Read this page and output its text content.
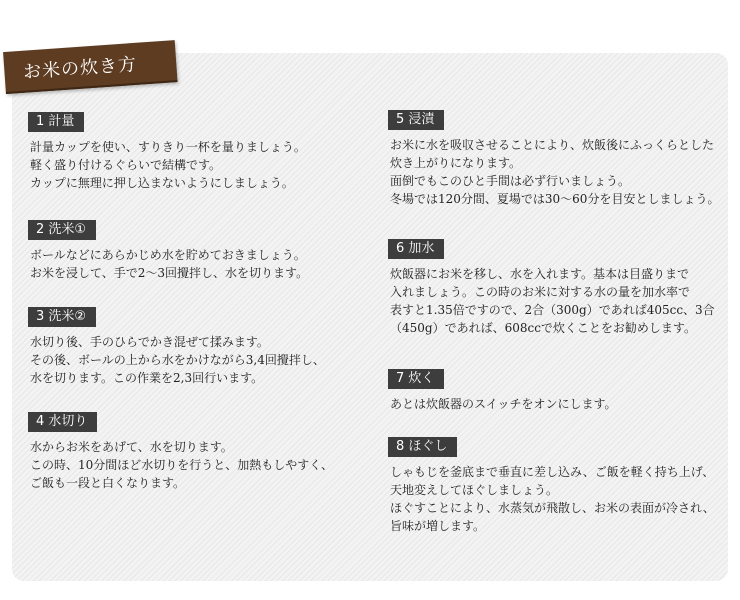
お米の炊き方
1 計量
計量カップを使い、すりきり一杯を量りましょう。
軽く盛り付けるぐらいで結構です。
カップに無理に押し込まないようにしましょう。
2 洗米①
ボールなどにあらかじめ水を貯めておきましょう。
お米を浸して、手で2～3回攪拌し、水を切ります。
3 洗米②
水切り後、手のひらでかき混ぜて揉みます。
その後、ボールの上から水をかけながら3,4回攪拌し、
水を切ります。この作業を2,3回行います。
4 水切り
水からお米をあげて、水を切ります。
この時、10分間ほど水切りを行うと、加熱もしやすく、
ご飯も一段と白くなります。
5 浸漬
お米に水を吸収させることにより、炊飯後にふっくらとした
炊き上がりになります。
面倒でもこのひと手間は必ず行いましょう。
冬場では120分間、夏場では30～60分を目安としましょう。
6 加水
炊飯器にお米を移し、水を入れます。基本は目盛りまで
入れましょう。この時のお米に対する水の量を加水率で
表すと1.35倍ですので、2合（300g）であれば405cc、3合
（450g）であれば、608ccで炊くことをお勧めします。
7 炊く
あとは炊飯器のスイッチをオンにします。
8 ほぐし
しゃもじを釜底まで垂直に差し込み、ご飯を軽く持ち上げ、
天地変えしてほぐしましょう。
ほぐすことにより、水蒸気が飛散し、お米の表面が冷され、
旨味が増します。
